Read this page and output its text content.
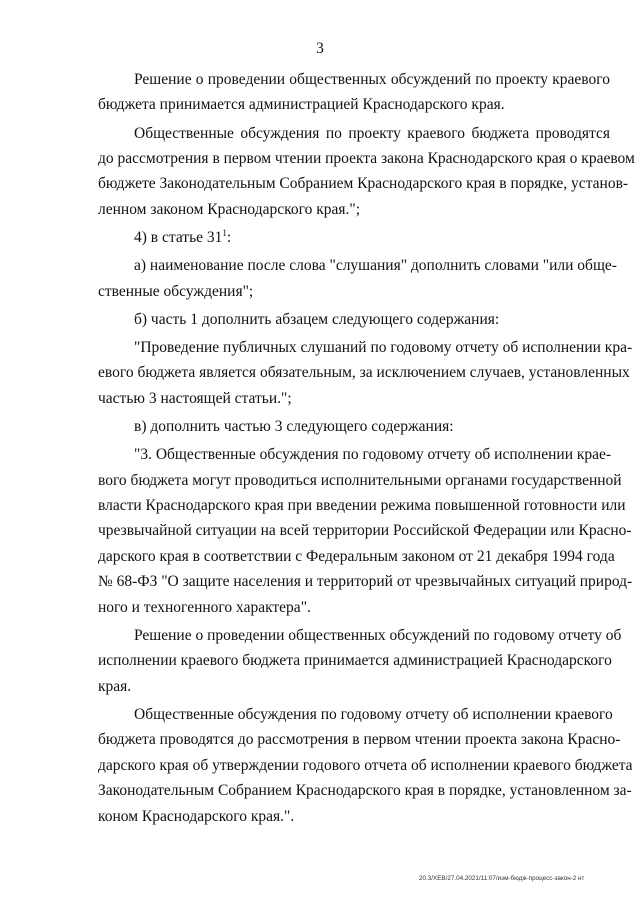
3
Решение о проведении общественных обсуждений по проекту краевого
бюджета принимается администрацией Краснодарского края.
Общественные обсуждения по проекту краевого бюджета проводятся
до рассмотрения в первом чтении проекта закона Краснодарского края о краевом
бюджете Законодательным Собранием Краснодарского края в порядке, установ-
ленном законом Краснодарского края.";
4) в статье $31^1$:
а) наименование после слова "слушания" дополнить словами "или обще-
ственные обсуждения";
б) часть 1 дополнить абзацем следующего содержания:
"Проведение публичных слушаний по годовому отчету об исполнении кра-
евого бюджета является обязательным, за исключением случаев, установленных
частью 3 настоящей статьи.";
в) дополнить частью 3 следующего содержания:
"3. Общественные обсуждения по годовому отчету об исполнении крае-
вого бюджета могут проводиться исполнительными органами государственной
власти Краснодарского края при введении режима повышенной готовности или
чрезвычайной ситуации на всей территории Российской Федерации или Красно-
дарского края в соответствии с Федеральным законом от 21 декабря 1994 года
№ 68-ФЗ "О защите населения и территорий от чрезвычайных ситуаций природ-
ного и техногенного характера".
Решение о проведении общественных обсуждений по годовому отчету об
исполнении краевого бюджета принимается администрацией Краснодарского
края.
Общественные обсуждения по годовому отчету об исполнении краевого
бюджета проводятся до рассмотрения в первом чтении проекта закона Красно-
дарского края об утверждении годового отчета об исполнении краевого бюджета
Законодательным Собранием Краснодарского края в порядке, установленном за-
коном Краснодарского края.".
20.3/XEB/27.04.2021/11:07/изм-бюдж-процесс-закон-2 нт
